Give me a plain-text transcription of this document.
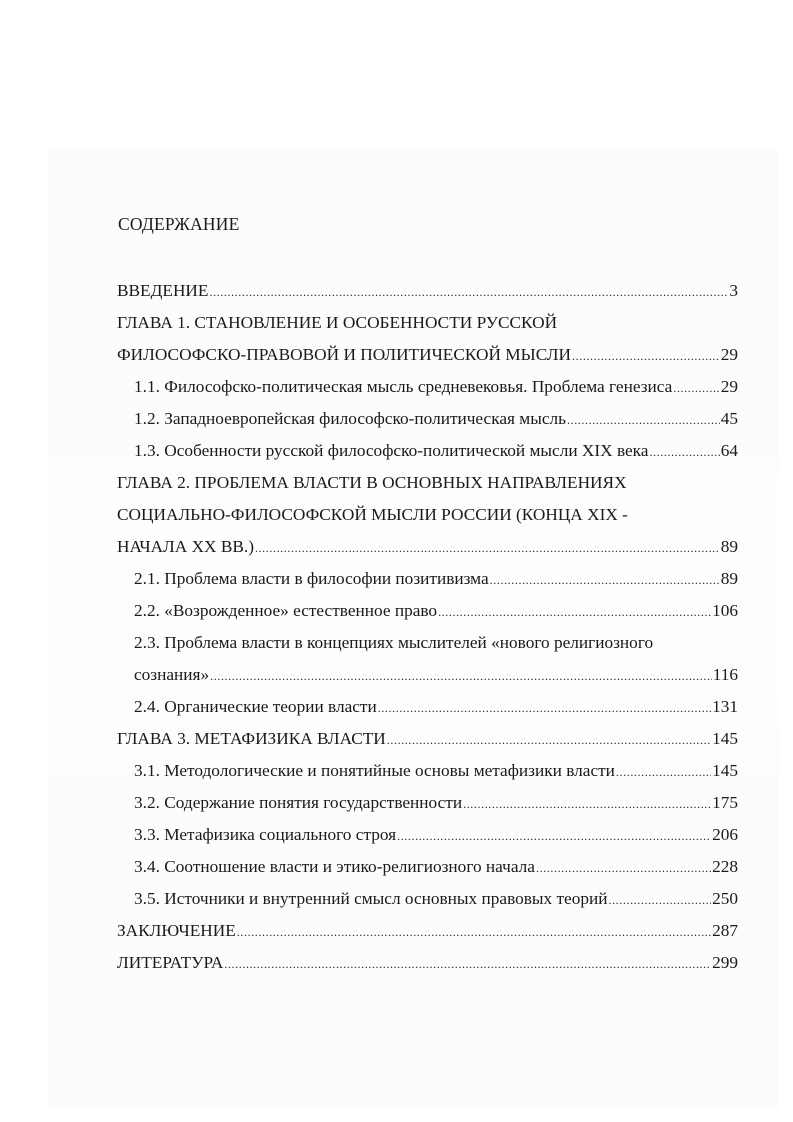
СОДЕРЖАНИЕ
ВВЕДЕНИЕ .....	3
ГЛАВА 1. СТАНОВЛЕНИЕ И ОСОБЕННОСТИ РУССКОЙ
ФИЛОСОФСКО-ПРАВОВОЙ И ПОЛИТИЧЕСКОЙ МЫСЛИ .....	29
1.1. Философско-политическая мысль средневековья. Проблема генезиса .....	29
1.2. Западноевропейская философско-политическая мысль .....	45
1.3. Особенности русской философско-политической мысли XIX века .....	64
ГЛАВА 2. ПРОБЛЕМА ВЛАСТИ В ОСНОВНЫХ НАПРАВЛЕНИЯХ
СОЦИАЛЬНО-ФИЛОСОФСКОЙ МЫСЛИ РОССИИ (КОНЦА XIX -
НАЧАЛА XX ВВ.) .....	89
2.1. Проблема власти в философии позитивизма .....	89
2.2. «Возрожденное» естественное право .....	106
2.3. Проблема власти в концепциях мыслителей «нового религиозного
сознания» .....	116
2.4. Органические теории власти .....	131
ГЛАВА 3. МЕТАФИЗИКА ВЛАСТИ .....	145
3.1. Методологические и понятийные основы метафизики власти .....	145
3.2. Содержание понятия государственности .....	175
3.3. Метафизика социального строя .....	206
3.4. Соотношение власти и этико-религиозного начала .....	228
3.5. Источники и внутренний смысл основных правовых теорий .....	250
ЗАКЛЮЧЕНИЕ .....	287
ЛИТЕРАТУРА .....	299
